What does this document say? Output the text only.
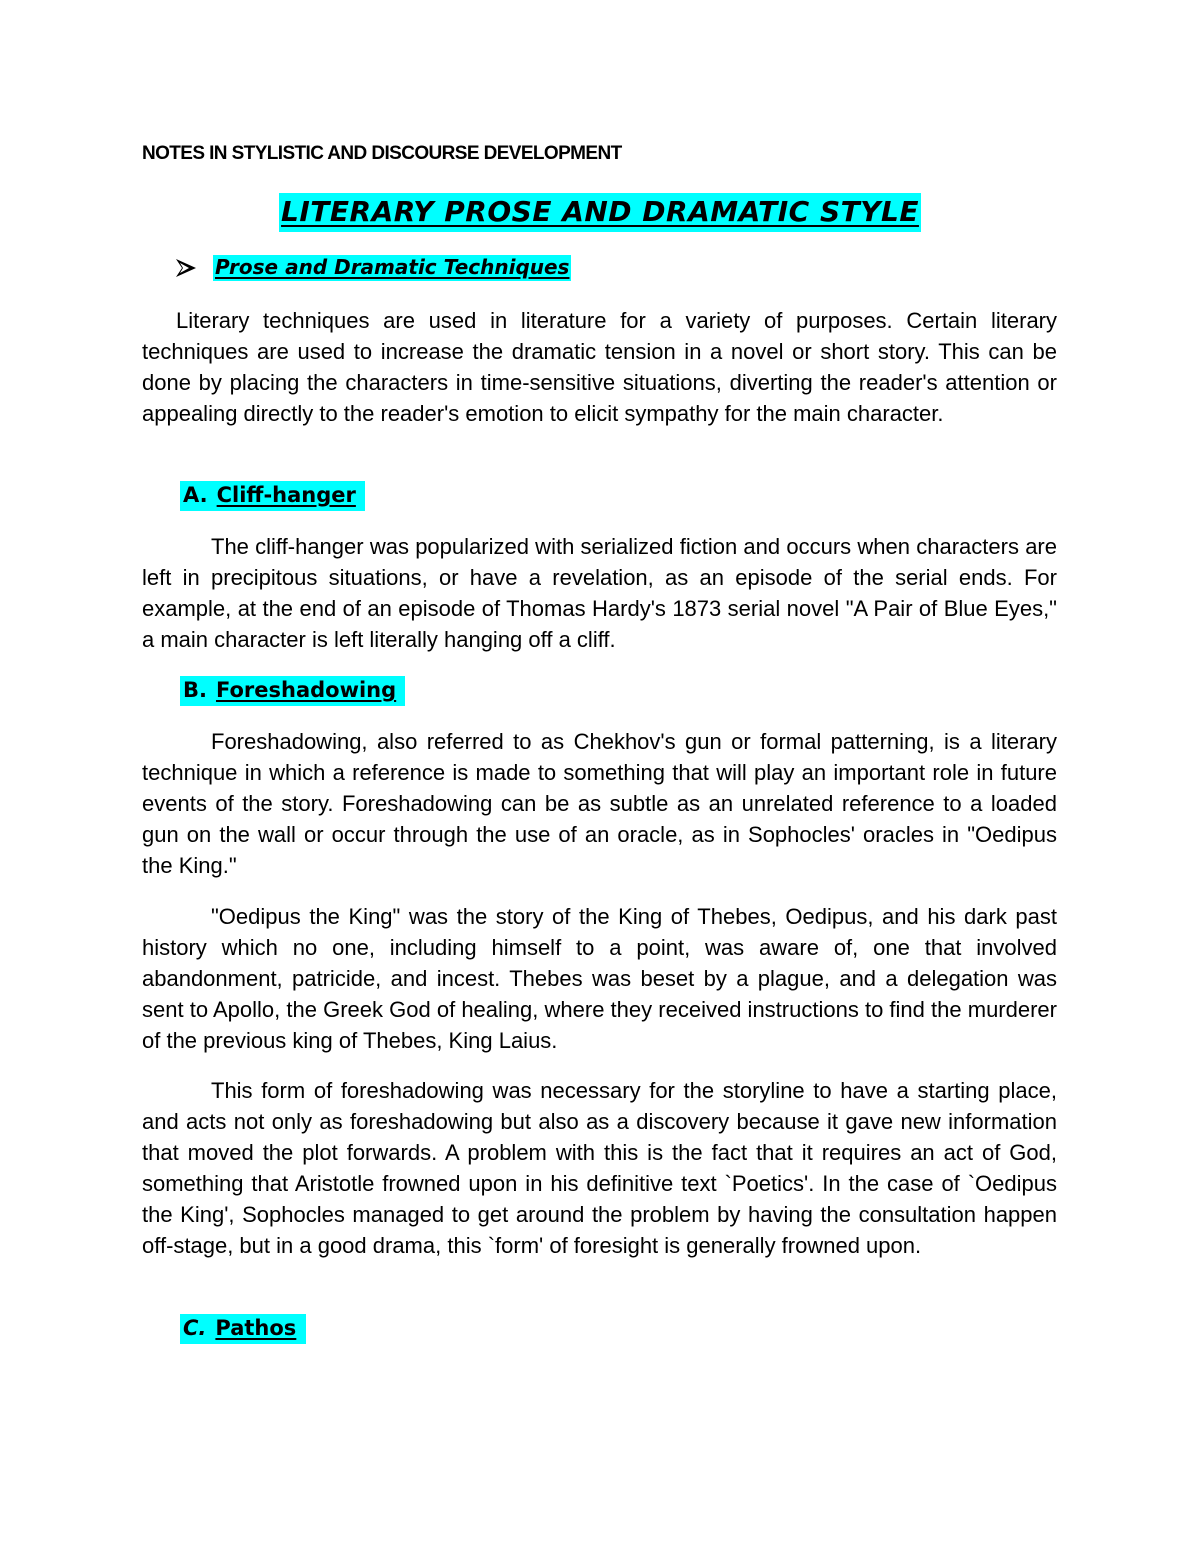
NOTES IN STYLISTIC AND DISCOURSE DEVELOPMENT
LITERARY PROSE AND DRAMATIC STYLE
Prose and Dramatic Techniques

Literary techniques are used in literature for a variety of purposes. Certain literary techniques are used to increase the dramatic tension in a novel or short story. This can be done by placing the characters in time-sensitive situations, diverting the reader's attention or appealing directly to the reader's emotion to elicit sympathy for the main character.

A. Cliff-hanger

The cliff-hanger was popularized with serialized fiction and occurs when characters are left in precipitous situations, or have a revelation, as an episode of the serial ends. For example, at the end of an episode of Thomas Hardy's 1873 serial novel "A Pair of Blue Eyes," a main character is left literally hanging off a cliff.

B. Foreshadowing

Foreshadowing, also referred to as Chekhov's gun or formal patterning, is a literary technique in which a reference is made to something that will play an important role in future events of the story. Foreshadowing can be as subtle as an unrelated reference to a loaded gun on the wall or occur through the use of an oracle, as in Sophocles' oracles in "Oedipus the King."

"Oedipus the King" was the story of the King of Thebes, Oedipus, and his dark past history which no one, including himself to a point, was aware of, one that involved abandonment, patricide, and incest. Thebes was beset by a plague, and a delegation was sent to Apollo, the Greek God of healing, where they received instructions to find the murderer of the previous king of Thebes, King Laius.

This form of foreshadowing was necessary for the storyline to have a starting place, and acts not only as foreshadowing but also as a discovery because it gave new information that moved the plot forwards. A problem with this is the fact that it requires an act of God, something that Aristotle frowned upon in his definitive text `Poetics'. In the case of `Oedipus the King', Sophocles managed to get around the problem by having the consultation happen off-stage, but in a good drama, this `form' of foresight is generally frowned upon.

C. Pathos
